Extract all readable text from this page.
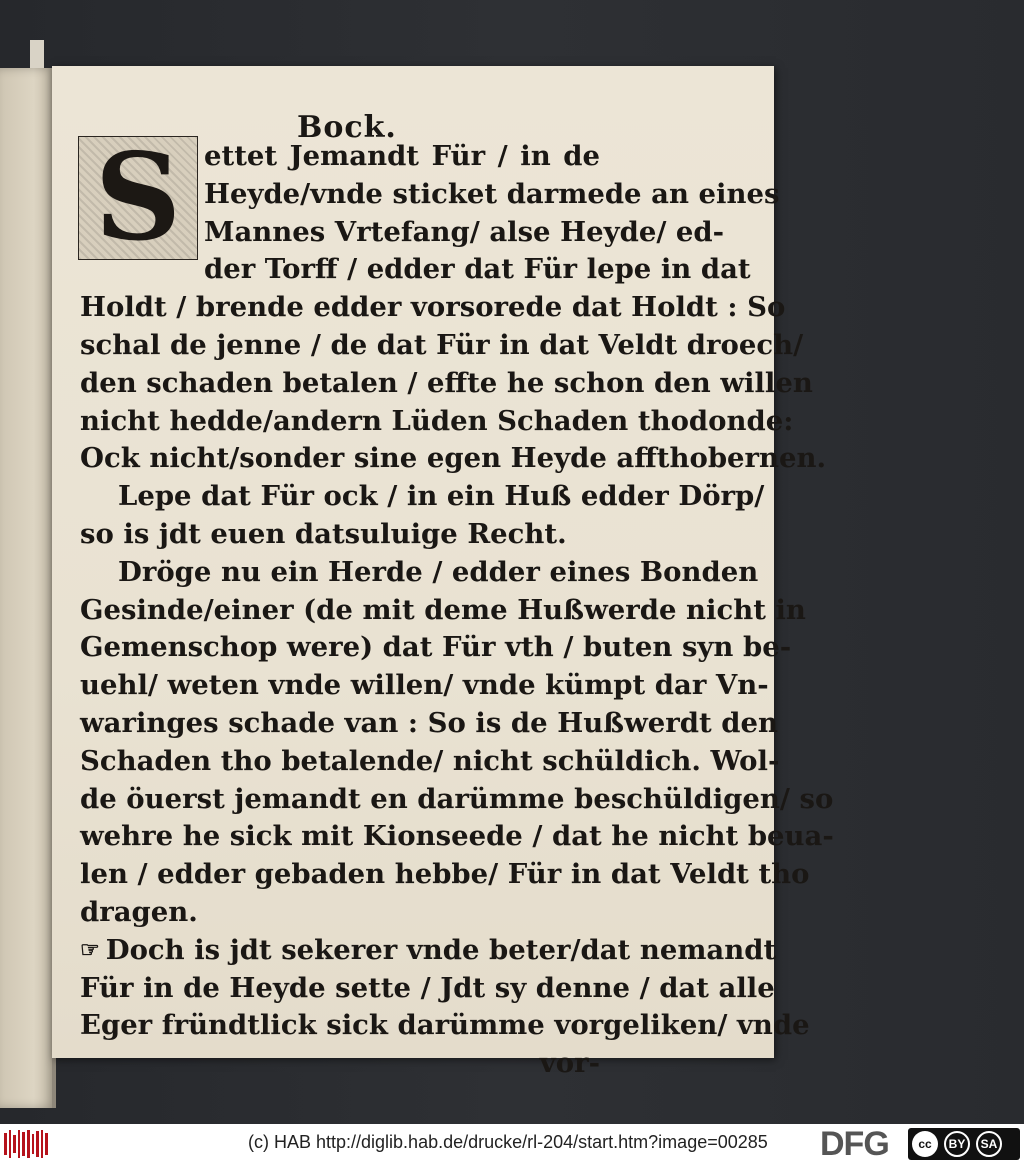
Bock.
S ettet Jemandt Für / in de
Heyde/vnde sticket darmede an eines
Mannes Vrtefang/ alse Heyde/ ed-
der Torff / edder dat Für lepe in dat
Holdt / brende edder vorsorede dat Holdt : So
schal de jenne / de dat Für in dat Veldt droech/
den schaden betalen / effte he schon den willen
nicht hedde/andern Lüden Schaden thodonde:
Ock nicht/sonder sine egen Heyde affthobernen.
Lepe dat Für ock / in ein Huß edder Dörp/
so is jdt euen datsuluige Recht.
Dröge nu ein Herde / edder eines Bonden
Gesinde/einer (de mit deme Hußwerde nicht in
Gemenschop were) dat Für vth / buten syn be-
uehl/ weten vnde willen/ vnde kümpt dar Vn-
waringes schade van : So is de Hußwerdt den
Schaden tho betalende/ nicht schüldich. Wol-
de öuerst jemandt en darümme beschüldigen/ so
wehre he sick mit Kionseede / dat he nicht beua-
len / edder gebaden hebbe/ Für in dat Veldt tho
dragen.
☞ Doch is jdt sekerer vnde beter/dat nemandt
Für in de Heyde sette / Jdt sy denne / dat alle
Eger fründtlick sick darümme vorgeliken/ vnde
vor-
(c) HAB http://diglib.hab.de/drucke/rl-204/start.htm?image=00285 DFG	cc	BY	SA
